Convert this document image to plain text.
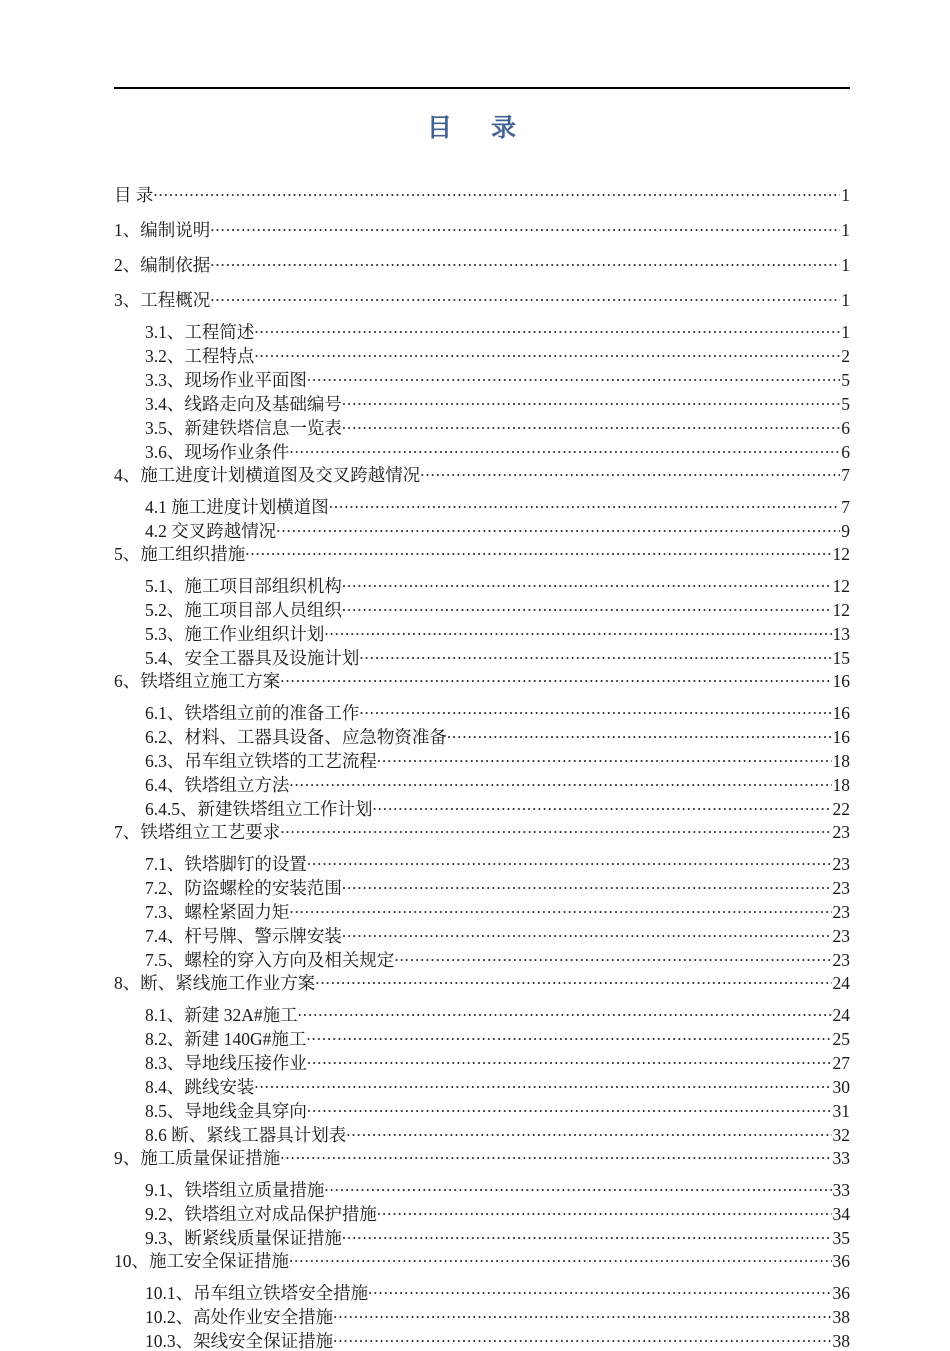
目　录
目 录 .....	1
1、编制说明 .....	1
2、编制依据 .....	1
3、工程概况 .....	1
3.1、工程简述 .....	1
3.2、工程特点 .....	2
3.3、现场作业平面图 .....	5
3.4、线路走向及基础编号 .....	5
3.5、新建铁塔信息一览表 .....	6
3.6、现场作业条件 .....	6
4、施工进度计划横道图及交叉跨越情况 .....	7
4.1 施工进度计划横道图 .....	7
4.2 交叉跨越情况 .....	9
5、施工组织措施 .....	12
5.1、施工项目部组织机构 .....	12
5.2、施工项目部人员组织 .....	12
5.3、施工作业组织计划 .....	13
5.4、安全工器具及设施计划 .....	15
6、铁塔组立施工方案 .....	16
6.1、铁塔组立前的准备工作 .....	16
6.2、材料、工器具设备、应急物资准备 .....	16
6.3、吊车组立铁塔的工艺流程 .....	18
6.4、铁塔组立方法 .....	18
6.4.5、新建铁塔组立工作计划 .....	22
7、铁塔组立工艺要求 .....	23
7.1、铁塔脚钉的设置 .....	23
7.2、防盗螺栓的安装范围 .....	23
7.3、螺栓紧固力矩 .....	23
7.4、杆号牌、警示牌安装 .....	23
7.5、螺栓的穿入方向及相关规定 .....	23
8、断、紧线施工作业方案 .....	24
8.1、新建 32A#施工 .....	24
8.2、新建 140G#施工 .....	25
8.3、导地线压接作业 .....	27
8.4、跳线安装 .....	30
8.5、导地线金具穿向 .....	31
8.6 断、紧线工器具计划表 .....	32
9、施工质量保证措施 .....	33
9.1、铁塔组立质量措施 .....	33
9.2、铁塔组立对成品保护措施 .....	34
9.3、断紧线质量保证措施 .....	35
10、施工安全保证措施 .....	36
10.1、吊车组立铁塔安全措施 .....	36
10.2、高处作业安全措施 .....	38
10.3、架线安全保证措施 .....	38
